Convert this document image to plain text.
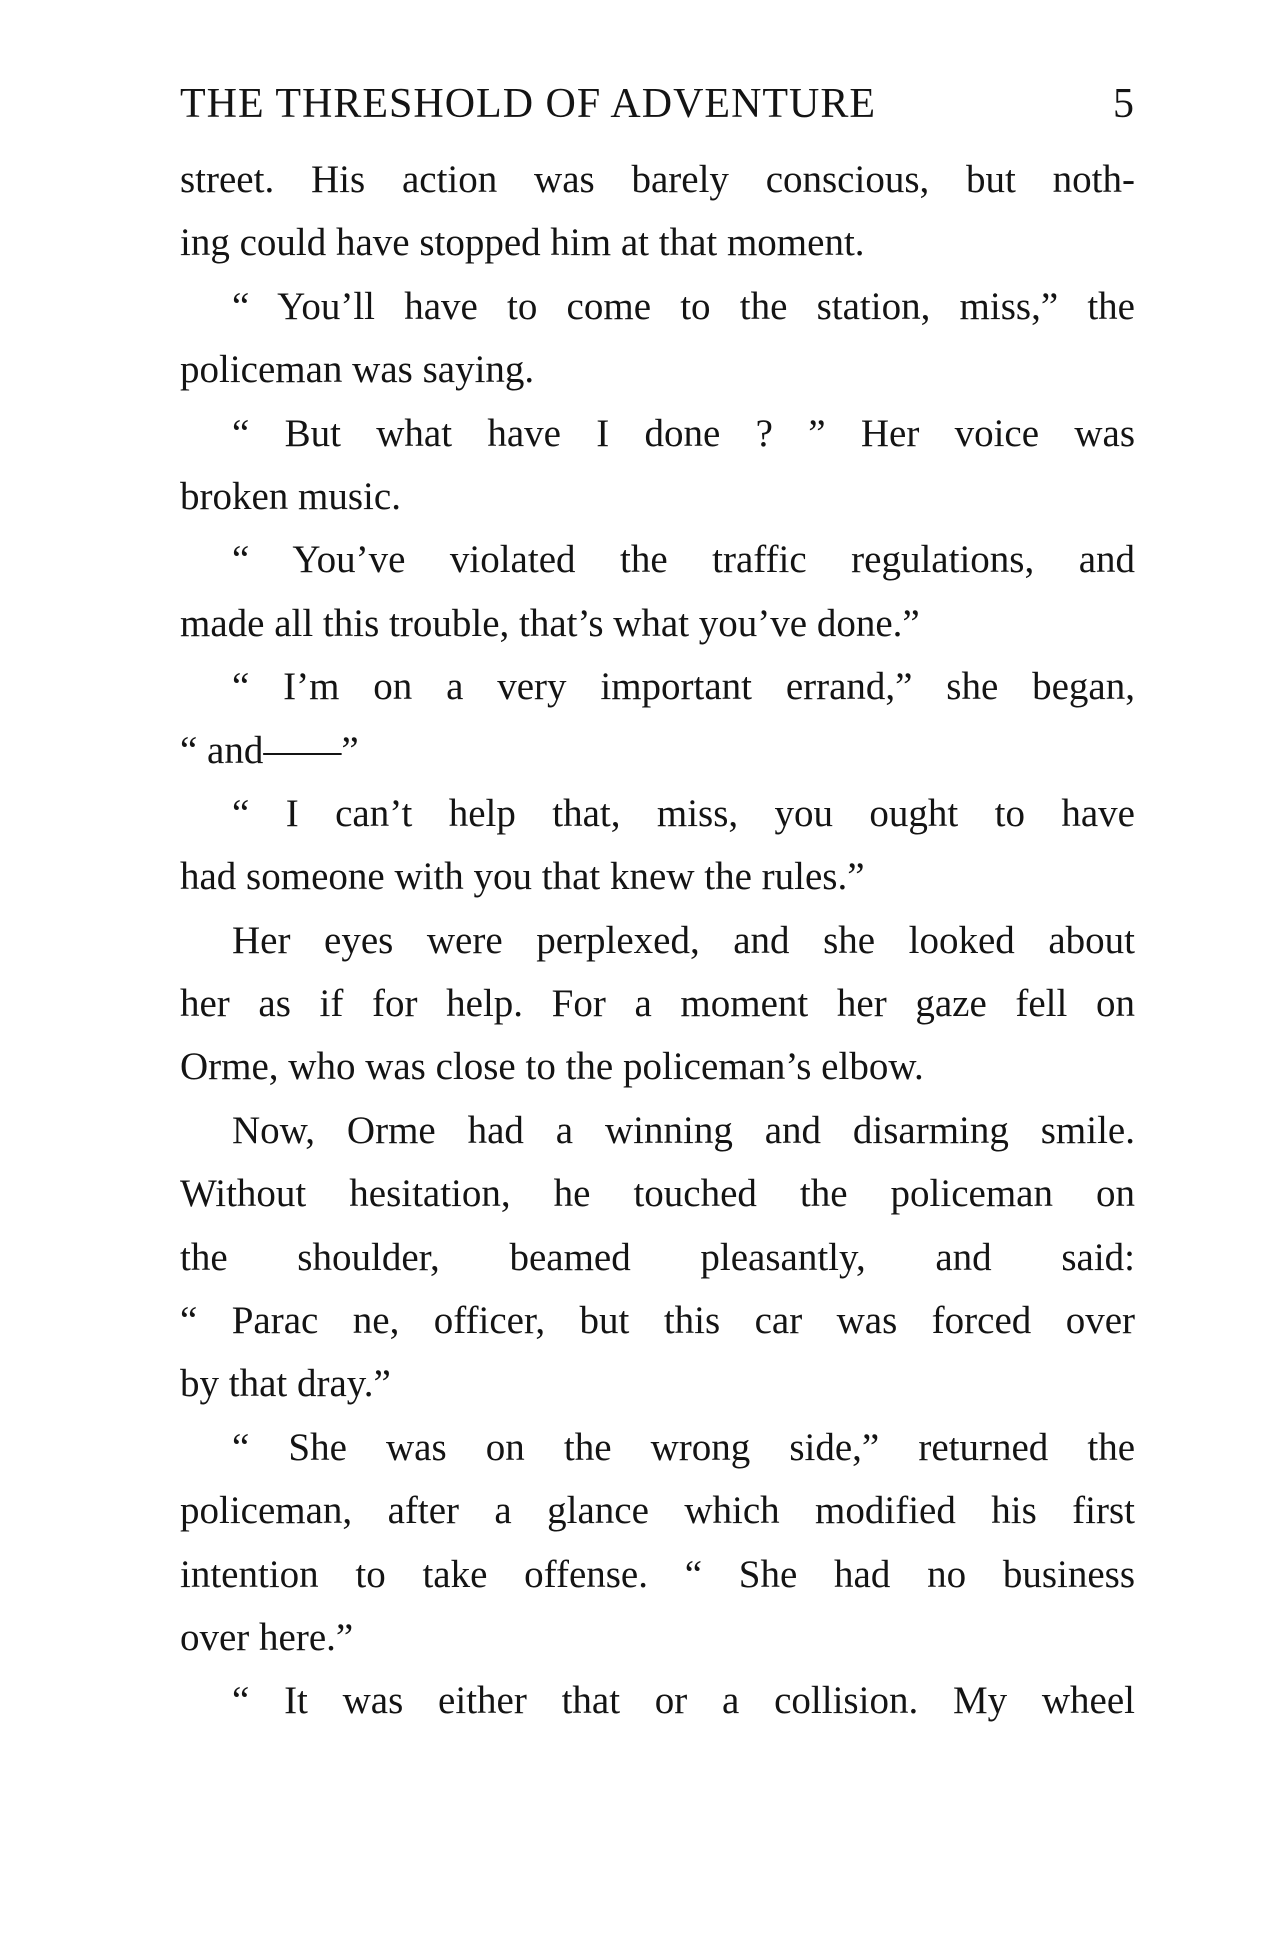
THE THRESHOLD OF ADVENTURE	5
street. His action was barely conscious, but noth-
ing could have stopped him at that moment.
“ You’ll have to come to the station, miss,” the
policeman was saying.
“ But what have I done ? ” Her voice was
broken music.
“ You’ve violated the traffic regulations, and
made all this trouble, that’s what you’ve done.”
“ I’m on a very important errand,” she began,
“ and——”
“ I can’t help that, miss, you ought to have
had someone with you that knew the rules.”
Her eyes were perplexed, and she looked about
her as if for help. For a moment her gaze fell on
Orme, who was close to the policeman’s elbow.
Now, Orme had a winning and disarming smile.
Without hesitation, he touched the policeman on
the shoulder, beamed pleasantly, and said:
“ Parac ne, officer, but this car was forced over
by that dray.”
“ She was on the wrong side,” returned the
policeman, after a glance which modified his first
intention to take offense. “ She had no business
over here.”
“ It was either that or a collision. My wheel
